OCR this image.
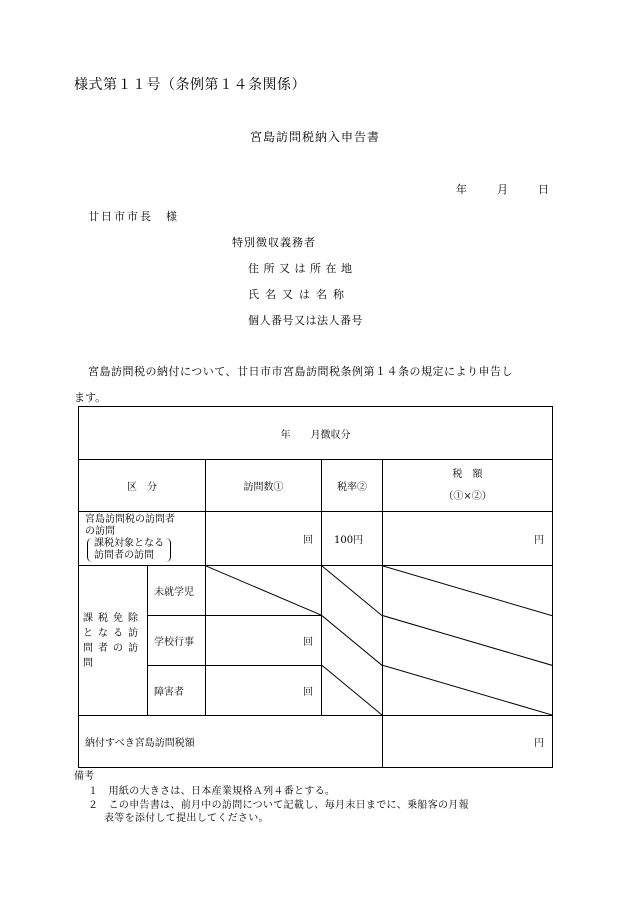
様式第１１号（条例第１４条関係）
宮島訪問税納入申告書
年	月	日
廿日市市長　様
特別徴収義務者
住所又は所在地
氏名又は名称
個人番号又は法人番号
宮島訪問税の納付について、廿日市市宮島訪問税条例第１４条の規定により申告し
ます。
年　　月徴収分				
区　分		訪問数①	税率②	税　額
（①×②）

宮島訪問税の訪問者
の訪問
課税対象となる
訪問者の訪問		回	100円	円
課税免除となる訪問者の訪問	未就学児	

	学校行事	回		
	障害者	回		
納付すべき宮島訪問税額				円
備考
１　用紙の大きさは、日本産業規格Ａ列４番とする。
２　この申告書は、前月中の訪問について記載し、毎月末日までに、乗船客の月報
表等を添付して提出してください。
